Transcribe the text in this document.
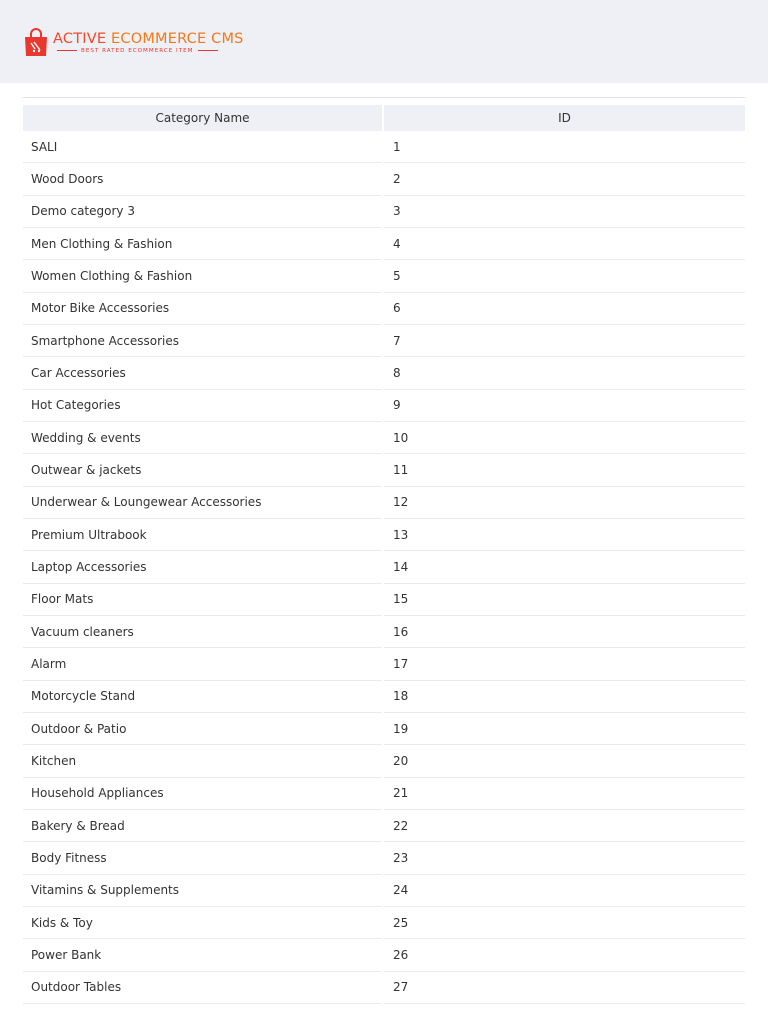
ACTIVE ECOMMERCE CMS
BEST RATED ECOMMERCE ITEM
Category Name	ID
SALI	1
Wood Doors	2
Demo category 3	3
Men Clothing & Fashion	4
Women Clothing & Fashion	5
Motor Bike Accessories	6
Smartphone Accessories	7
Car Accessories	8
Hot Categories	9
Wedding & events	10
Outwear & jackets	11
Underwear & Loungewear Accessories	12
Premium Ultrabook	13
Laptop Accessories	14
Floor Mats	15
Vacuum cleaners	16
Alarm	17
Motorcycle Stand	18
Outdoor & Patio	19
Kitchen	20
Household Appliances	21
Bakery & Bread	22
Body Fitness	23
Vitamins & Supplements	24
Kids & Toy	25
Power Bank	26
Outdoor Tables	27
